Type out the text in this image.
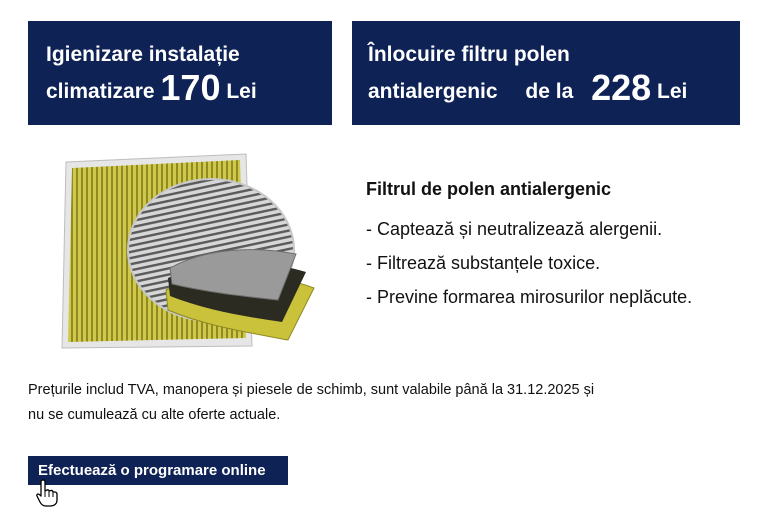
Igienizare instalație
climatizare 170 Lei
Înlocuire filtru polen
antialergenic de la 228 Lei
Filtrul de polen antialergenic
- Captează și neutralizează alergenii.
- Filtrează substanțele toxice.
- Previne formarea mirosurilor neplăcute.
Prețurile includ TVA, manopera și piesele de schimb, sunt valabile până la 31.12.2025 și
nu se cumulează cu alte oferte actuale.
Efectuează o programare online
